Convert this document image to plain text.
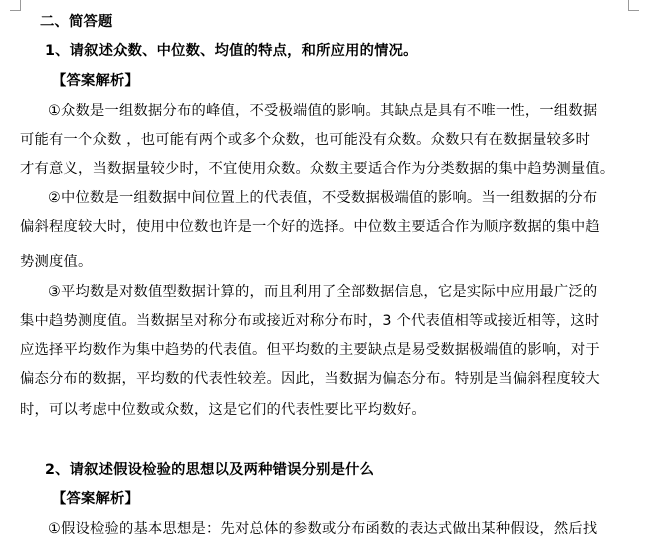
二、简答题
1、请叙述众数、中位数、均值的特点，和所应用的情况。
【答案解析】
①众数是一组数据分布的峰值，不受极端值的影响。其缺点是具有不唯一性，一组数据
可能有一个众数 ，也可能有两个或多个众数，也可能没有众数。众数只有在数据量较多时
才有意义，当数据量较少时，不宜使用众数。众数主要适合作为分类数据的集中趋势测量值。
②中位数是一组数据中间位置上的代表值，不受数据极端值的影响。当一组数据的分布
偏斜程度较大时，使用中位数也许是一个好的选择。中位数主要适合作为顺序数据的集中趋
势测度值。
③平均数是对数值型数据计算的，而且利用了全部数据信息，它是实际中应用最广泛的
集中趋势测度值。当数据呈对称分布或接近对称分布时，3 个代表值相等或接近相等，这时
应选择平均数作为集中趋势的代表值。但平均数的主要缺点是易受数据极端值的影响，对于
偏态分布的数据，平均数的代表性较差。因此，当数据为偏态分布。特别是当偏斜程度较大
时，可以考虑中位数或众数，这是它们的代表性要比平均数好。
2、请叙述假设检验的思想以及两种错误分别是什么
【答案解析】
①假设检验的基本思想是：先对总体的参数或分布函数的表达式做出某种假设，然后找
